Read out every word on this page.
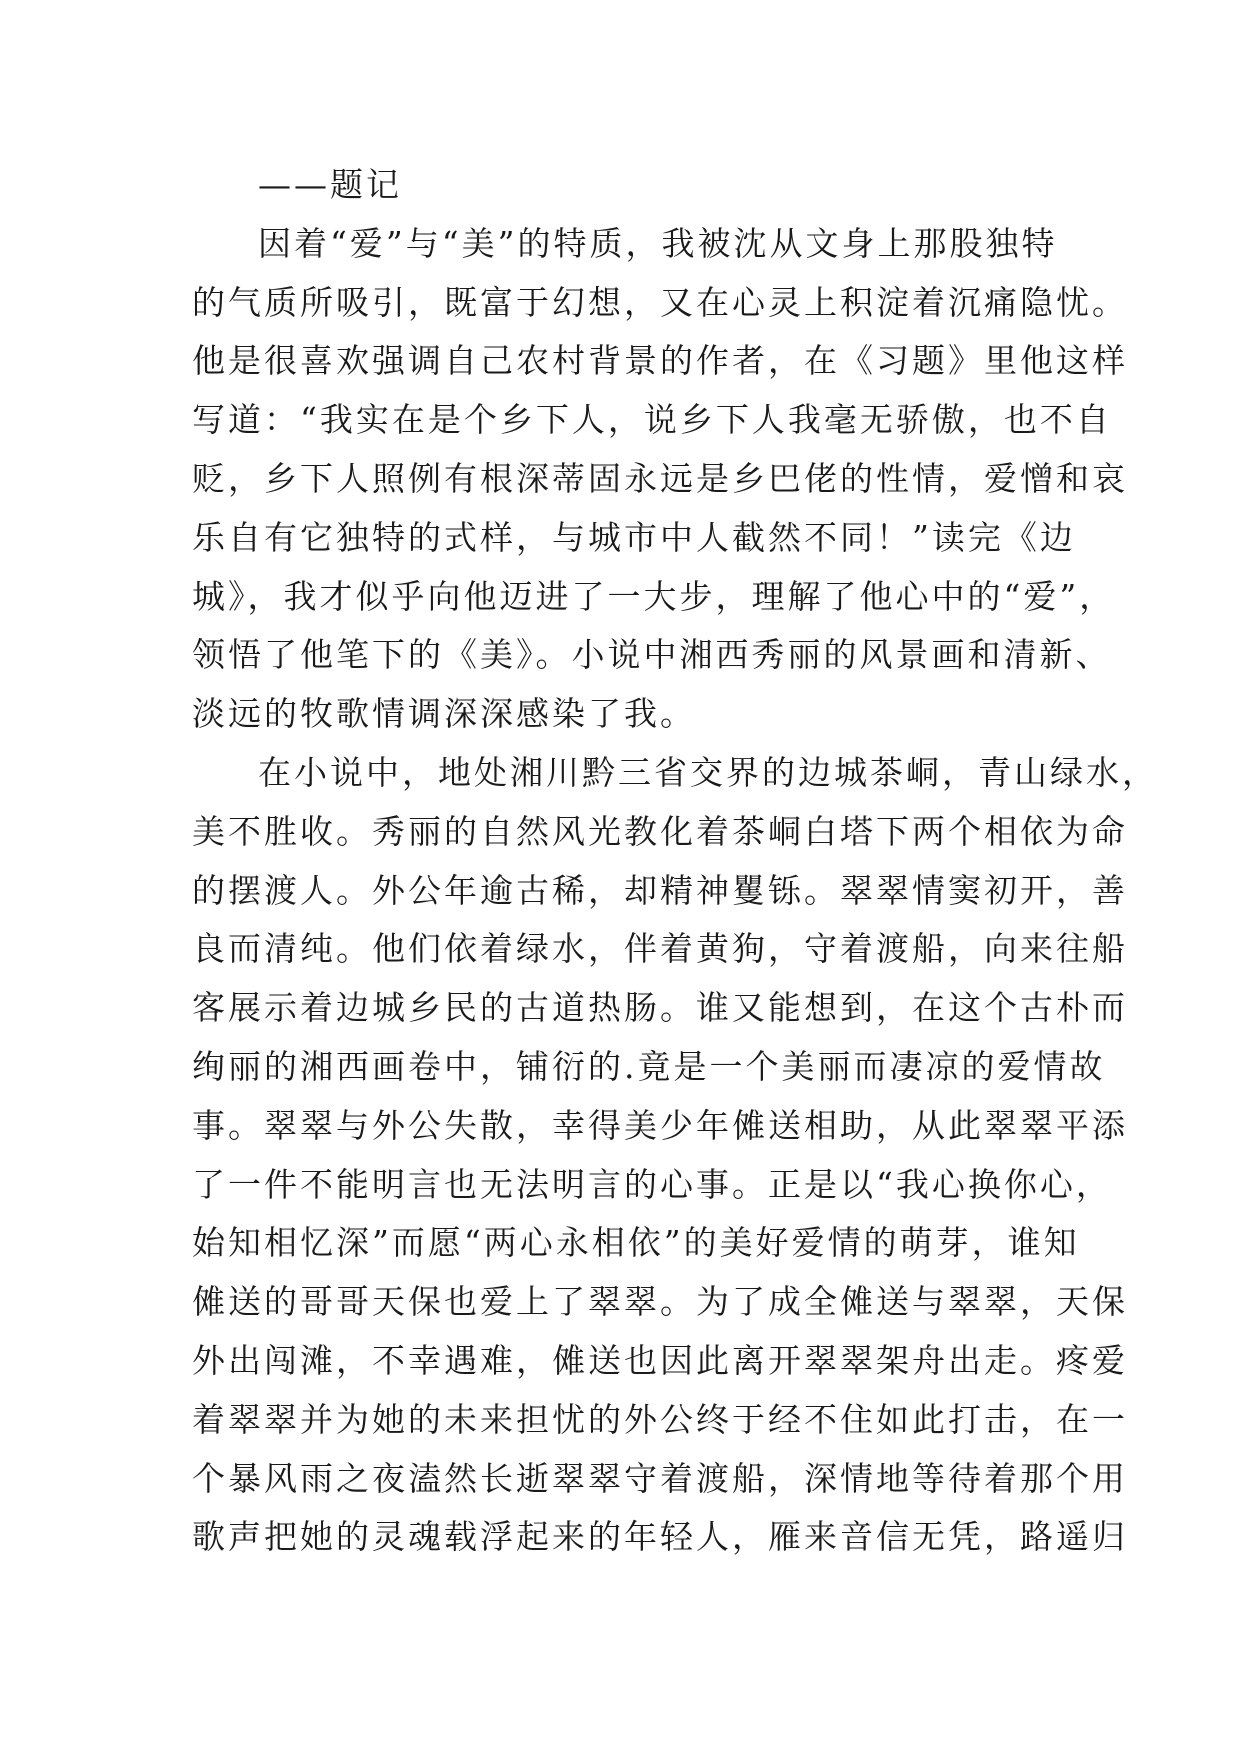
——题记
因着“爱”与“美”的特质，我被沈从文身上那股独特
的气质所吸引，既富于幻想，又在心灵上积淀着沉痛隐忧。
他是很喜欢强调自己农村背景的作者，在《习题》里他这样
写道：“我实在是个乡下人，说乡下人我毫无骄傲，也不自
贬，乡下人照例有根深蒂固永远是乡巴佬的性情，爱憎和哀
乐自有它独特的式样，与城市中人截然不同！”读完《边
城》，我才似乎向他迈进了一大步，理解了他心中的“爱”，
领悟了他笔下的《美》。小说中湘西秀丽的风景画和清新、
淡远的牧歌情调深深感染了我。
在小说中，地处湘川黔三省交界的边城茶峒，青山绿水，
美不胜收。秀丽的自然风光教化着茶峒白塔下两个相依为命
的摆渡人。外公年逾古稀，却精神矍铄。翠翠情窦初开，善
良而清纯。他们依着绿水，伴着黄狗，守着渡船，向来往船
客展示着边城乡民的古道热肠。谁又能想到，在这个古朴而
绚丽的湘西画卷中，铺衍的.竟是一个美丽而凄凉的爱情故
事。翠翠与外公失散，幸得美少年傩送相助，从此翠翠平添
了一件不能明言也无法明言的心事。正是以“我心换你心，
始知相忆深”而愿“两心永相依”的美好爱情的萌芽，谁知
傩送的哥哥天保也爱上了翠翠。为了成全傩送与翠翠，天保
外出闯滩，不幸遇难，傩送也因此离开翠翠架舟出走。疼爱
着翠翠并为她的未来担忧的外公终于经不住如此打击，在一
个暴风雨之夜溘然长逝翠翠守着渡船，深情地等待着那个用
歌声把她的灵魂载浮起来的年轻人，雁来音信无凭，路遥归
